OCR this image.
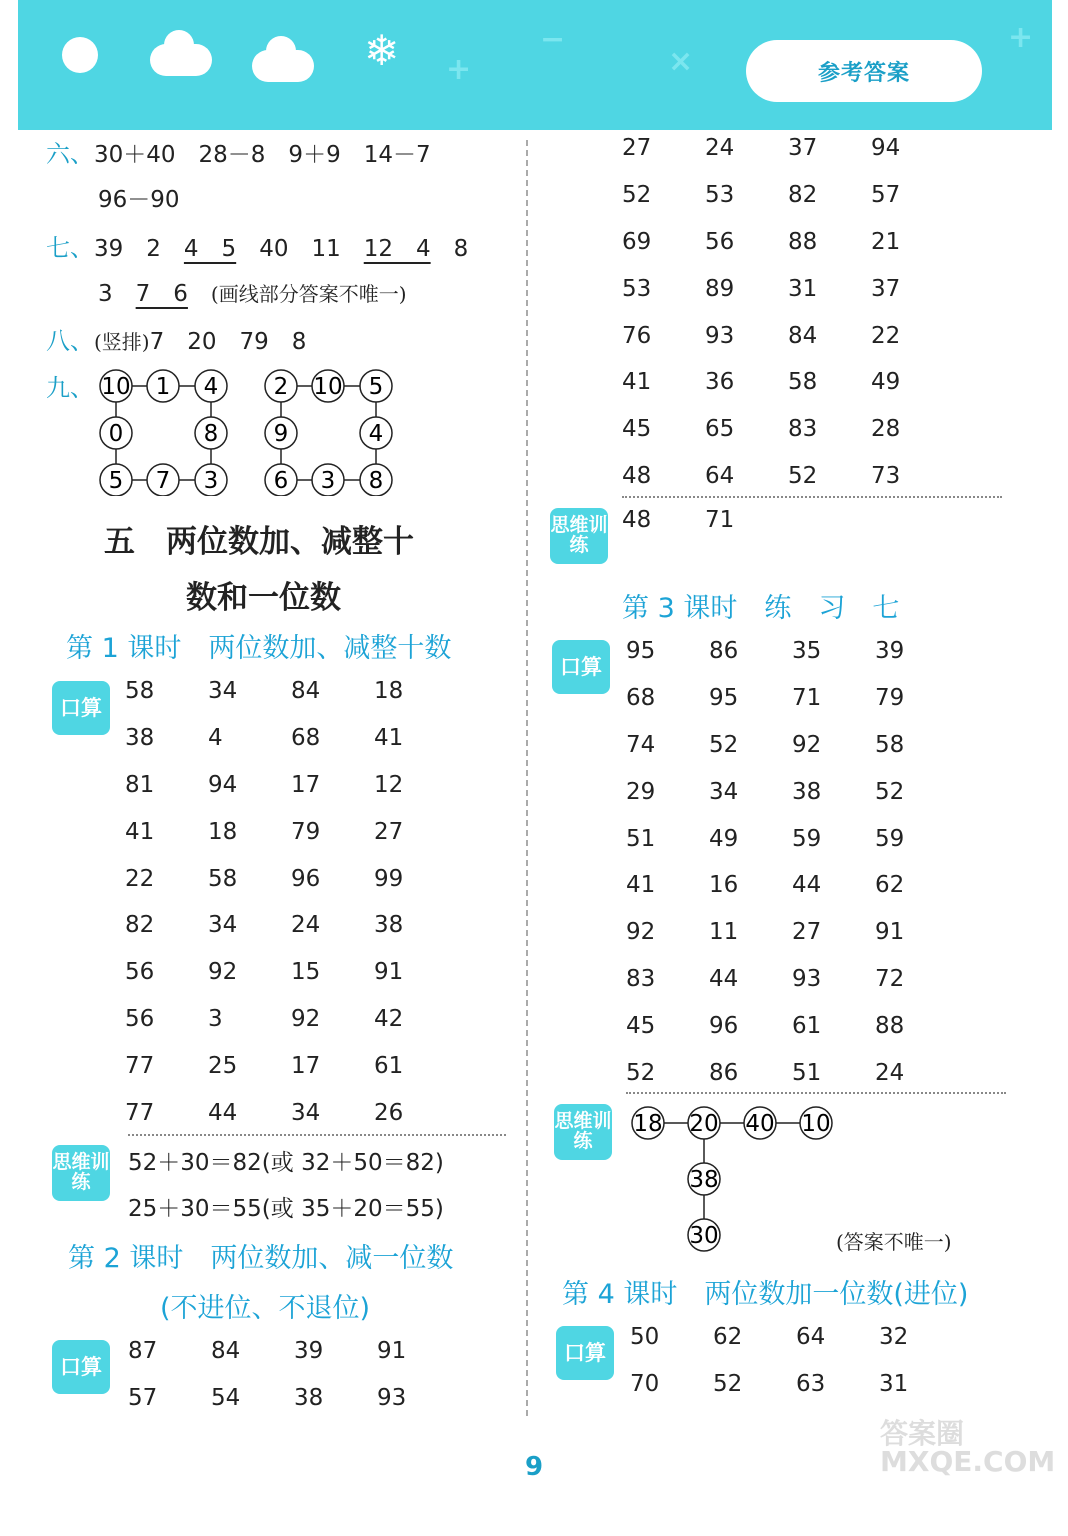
❄ +
−
×
+
参考答案
六、30＋40　28－8　9＋9　14－7
96－90
七、39　2　 4　5　 40　11　 12　4　 8
3　 7　6　 (画线部分答案不唯一)
八、(竖排)7　20　79　8
九、 10 1 4
8
3
7
5
0
2 10 5
4
8
3
6
9
五　两位数加、减整十
数和一位数
第 1 课时　两位数加、减整十数
口算
58	34	84	18
38	4	68	41
81	94	17	12
41	18	79	27
22	58	96	99
82	34	24	38
56	92	15	91
56	3	92	42
77	25	17	61
77	44	34	26
思维训练
52＋30＝82(或 32＋50＝82)
25＋30＝55(或 35＋20＝55)
第 2 课时　两位数加、减一位数
(不进位、不退位)
口算
87	84	39	91
57	54	38	93
27	24	37	94
52	53	82	57
69	56	88	21
53	89	31	37
76	93	84	22
41	36	58	49
45	65	83	28
48	64	52	73
思维训练
48	71
第 3 课时　练　习　七
口算
95	86	35	39
68	95	71	79
74	52	92	58
29	34	38	52
51	49	59	59
41	16	44	62
92	11	27	91
83	44	93	72
45	96	61	88
52	86	51	24
思维训练
18 20 40 10
38
30	(答案不唯一)
第 4 课时　两位数加一位数(进位)
口算
50	62	64	32
70	52	63	31
9
答案圈 MXQE.COM
